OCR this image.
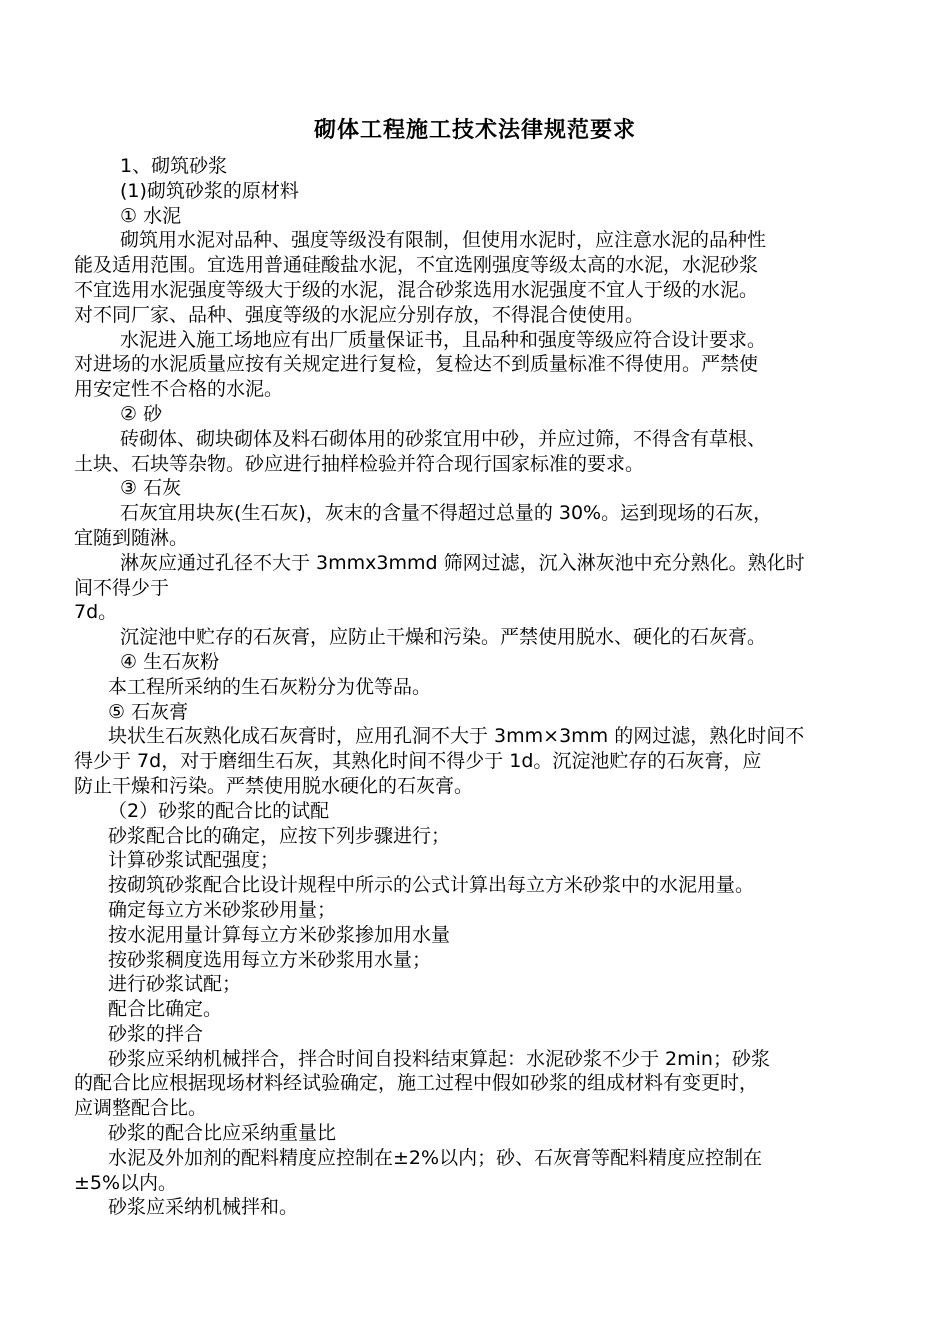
砌体工程施工技术法律规范要求
1、砌筑砂浆
(1)砌筑砂浆的原材料
① 水泥
砌筑用水泥对品种、强度等级没有限制，但使用水泥时，应注意水泥的品种性
能及适用范围。宜选用普通硅酸盐水泥，不宜选刚强度等级太高的水泥，水泥砂浆
不宜选用水泥强度等级大于级的水泥，混合砂浆选用水泥强度不宜人于级的水泥。
对不同厂家、品种、强度等级的水泥应分别存放，不得混合使使用。
水泥进入施工场地应有出厂质量保证书，且品种和强度等级应符合设计要求。
对进场的水泥质量应按有关规定进行复检，复检达不到质量标准不得使用。严禁使
用安定性不合格的水泥。
② 砂
砖砌体、砌块砌体及料石砌体用的砂浆宜用中砂，并应过筛，不得含有草根、
土块、石块等杂物。砂应进行抽样检验并符合现行国家标准的要求。
③ 石灰
石灰宜用块灰(生石灰)，灰末的含量不得超过总量的 30%。运到现场的石灰，
宜随到随淋。
淋灰应通过孔径不大于 3mmx3mmd 筛网过滤，沉入淋灰池中充分熟化。熟化时
间不得少于
7d。
沉淀池中贮存的石灰膏，应防止干燥和污染。严禁使用脱水、硬化的石灰膏。
④ 生石灰粉
本工程所采纳的生石灰粉分为优等品。
⑤ 石灰膏
块状生石灰熟化成石灰膏时，应用孔洞不大于 3mm×3mm 的网过滤，熟化时间不
得少于 7d，对于磨细生石灰，其熟化时间不得少于 1d。沉淀池贮存的石灰膏，应
防止干燥和污染。严禁使用脱水硬化的石灰膏。
（2）砂浆的配合比的试配
砂浆配合比的确定，应按下列步骤进行；
计算砂浆试配强度；
按砌筑砂浆配合比设计规程中所示的公式计算出每立方米砂浆中的水泥用量。
确定每立方米砂浆砂用量；
按水泥用量计算每立方米砂浆掺加用水量
按砂浆稠度选用每立方米砂浆用水量；
进行砂浆试配；
配合比确定。
砂浆的拌合
砂浆应采纳机械拌合，拌合时间自投料结束算起：水泥砂浆不少于 2min；砂浆
的配合比应根据现场材料经试验确定，施工过程中假如砂浆的组成材料有变更时，
应调整配合比。
砂浆的配合比应采纳重量比
水泥及外加剂的配料精度应控制在±2%以内；砂、石灰膏等配料精度应控制在
±5%以内。
砂浆应采纳机械拌和。
